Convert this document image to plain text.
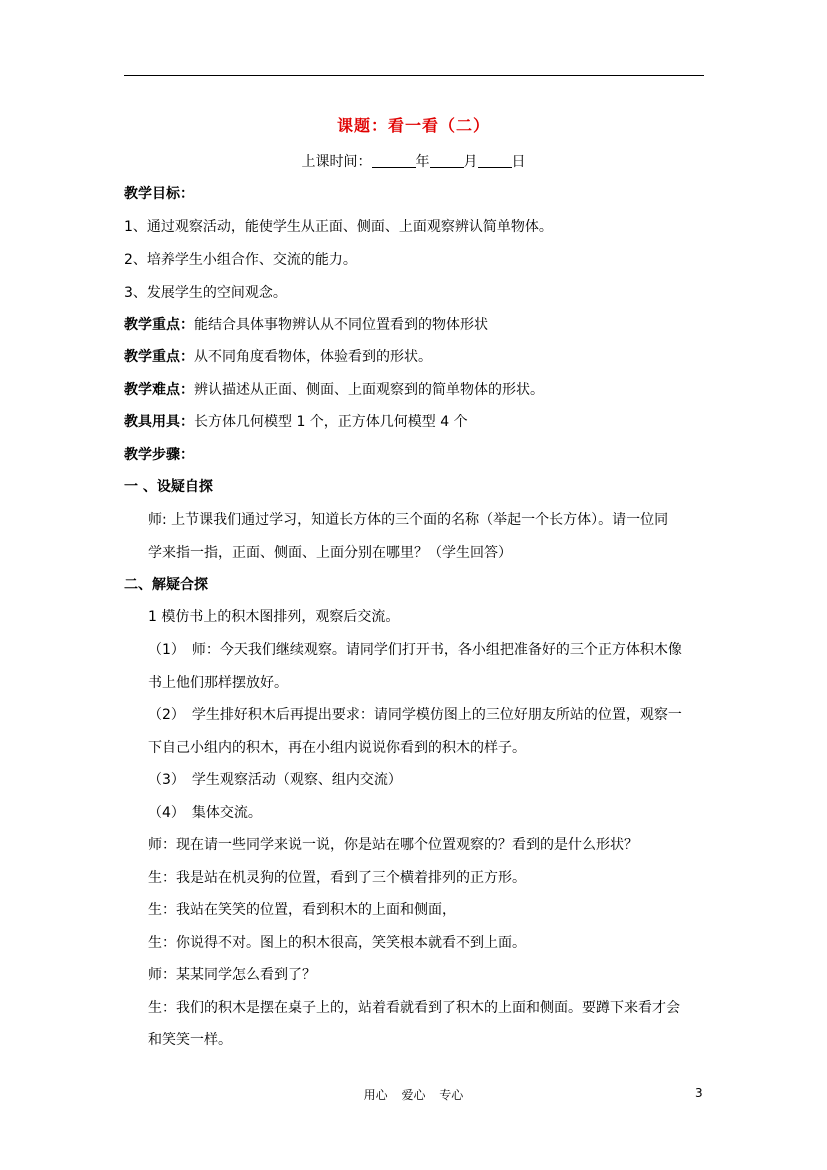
课题：看一看（二）
上课时间：	年 月 日
教学目标：
1、通过观察活动，能使学生从正面、侧面、上面观察辨认简单物体。
2、培养学生小组合作、交流的能力。
3、发展学生的空间观念。
教学重点：能结合具体事物辨认从不同位置看到的物体形状
教学重点：从不同角度看物体，体验看到的形状。
教学难点：辨认描述从正面、侧面、上面观察到的简单物体的形状。
教具用具：长方体几何模型 1 个，正方体几何模型 4 个
教学步骤：
一 、设疑自探
师: 上节课我们通过学习，知道长方体的三个面的名称（举起一个长方体）。请一位同
学来指一指，正面、侧面、上面分别在哪里？（学生回答）
二、解疑合探
1 模仿书上的积木图排列，观察后交流。
（1）　师：今天我们继续观察。请同学们打开书，各小组把准备好的三个正方体积木像
书上他们那样摆放好。
（2）　学生排好积木后再提出要求：请同学模仿图上的三位好朋友所站的位置，观察一
下自己小组内的积木，再在小组内说说你看到的积木的样子。
（3）　学生观察活动（观察、组内交流）
（4）　集体交流。
师：现在请一些同学来说一说，你是站在哪个位置观察的？看到的是什么形状？
生：我是站在机灵狗的位置，看到了三个横着排列的正方形。
生：我站在笑笑的位置，看到积木的上面和侧面，
生：你说得不对。图上的积木很高，笑笑根本就看不到上面。
师：某某同学怎么看到了？
生：我们的积木是摆在桌子上的，站着看就看到了积木的上面和侧面。要蹲下来看才会
和笑笑一样。
用心 爱心 专心	3
